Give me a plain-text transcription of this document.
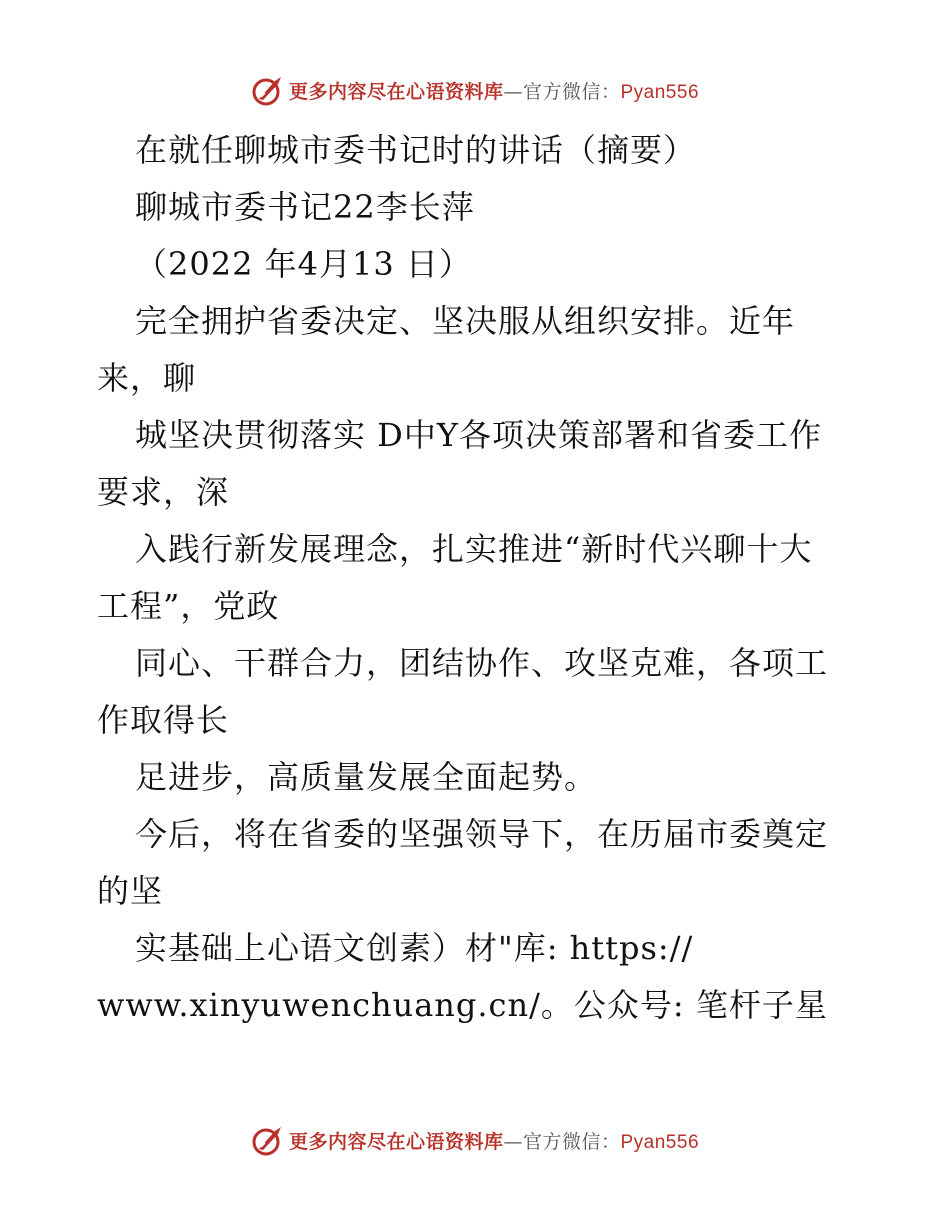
更多内容尽在心语资料库—官方微信：Pyan556
在就任聊城市委书记时的讲话（摘要）
聊城市委书记22李长萍
（2022 年4月13 日）
完全拥护省委决定、坚决服从组织安排。近年
来，聊
城坚决贯彻落实 D中Y各项决策部署和省委工作
要求，深
入践行新发展理念，扎实推进“新时代兴聊十大
工程”，党政
同心、干群合力，团结协作、攻坚克难，各项工
作取得长
足进步，高质量发展全面起势。
今后，将在省委的坚强领导下，在历届市委奠定
的坚
实基础上心语文创素）材"库: https://
www.xinyuwenchuang.cn/。公众号: 笔杆子星
更多内容尽在心语资料库—官方微信：Pyan556
